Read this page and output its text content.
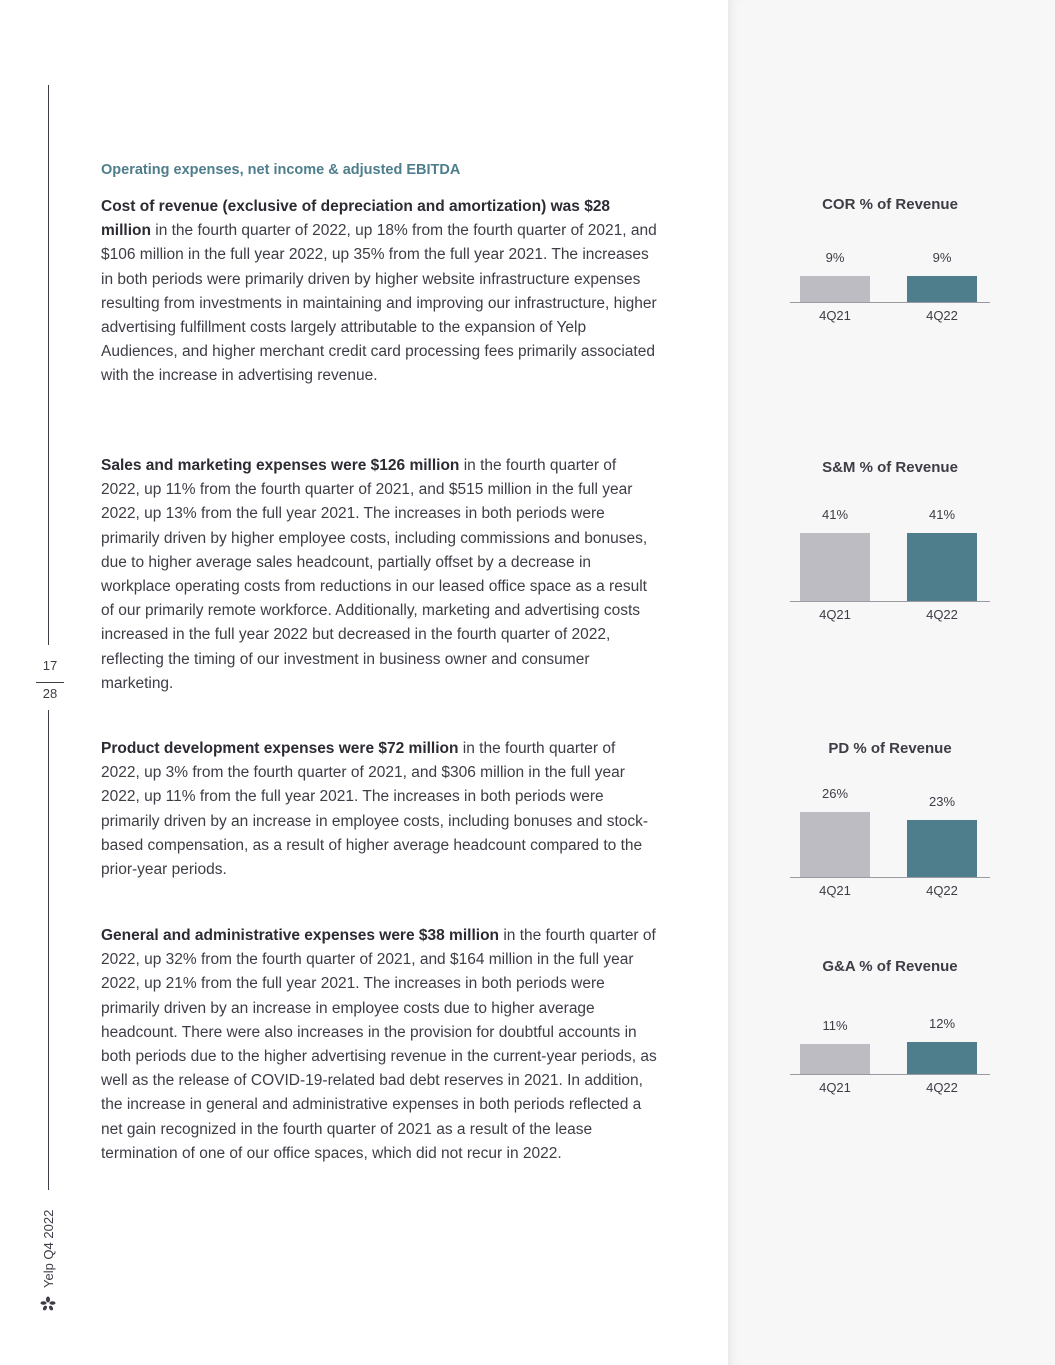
17
28
Yelp Q4 2022
Operating expenses, net income & adjusted EBITDA
Cost of revenue (exclusive of depreciation and amortization) was $28 million in the fourth quarter of 2022, up 18% from the fourth quarter of 2021, and $106 million in the full year 2022, up 35% from the full year 2021. The increases in both periods were primarily driven by higher website infrastructure expenses resulting from investments in maintaining and improving our infrastructure, higher advertising fulfillment costs largely attributable to the expansion of Yelp Audiences, and higher merchant credit card processing fees primarily associated with the increase in advertising revenue.
Sales and marketing expenses were $126 million in the fourth quarter of 2022, up 11% from the fourth quarter of 2021, and $515 million in the full year 2022, up 13% from the full year 2021. The increases in both periods were primarily driven by higher employee costs, including commissions and bonuses, due to higher average sales headcount, partially offset by a decrease in workplace operating costs from reductions in our leased office space as a result of our primarily remote workforce. Additionally, marketing and advertising costs increased in the full year 2022 but decreased in the fourth quarter of 2022, reflecting the timing of our investment in business owner and consumer marketing.
Product development expenses were $72 million in the fourth quarter of 2022, up 3% from the fourth quarter of 2021, and $306 million in the full year 2022, up 11% from the full year 2021. The increases in both periods were primarily driven by an increase in employee costs, including bonuses and stock-based compensation, as a result of higher average headcount compared to the prior-year periods.
General and administrative expenses were $38 million in the fourth quarter of 2022, up 32% from the fourth quarter of 2021, and $164 million in the full year 2022, up 21% from the full year 2021. The increases in both periods were primarily driven by an increase in employee costs due to higher average headcount. There were also increases in the provision for doubtful accounts in both periods due to the higher advertising revenue in the current-year periods, as well as the release of COVID-19-related bad debt reserves in 2021. In addition, the increase in general and administrative expenses in both periods reflected a net gain recognized in the fourth quarter of 2021 as a result of the lease termination of one of our office spaces, which did not recur in 2022.
COR % of Revenue
9%
4Q21
9%
4Q22
S&M % of Revenue
41%
4Q21
41%
4Q22
PD % of Revenue
26%
4Q21
23%
4Q22
G&A % of Revenue
11%
4Q21
12%
4Q22
